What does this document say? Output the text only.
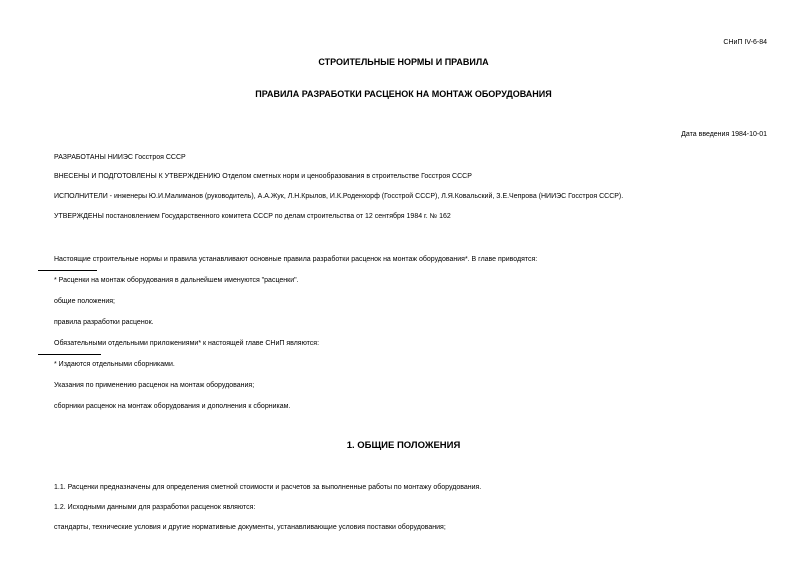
СНиП IV-6-84
СТРОИТЕЛЬНЫЕ НОРМЫ И ПРАВИЛА
ПРАВИЛА РАЗРАБОТКИ РАСЦЕНОК НА МОНТАЖ ОБОРУДОВАНИЯ
Дата введения 1984-10-01
РАЗРАБОТАНЫ НИИЭС Госстроя СССР
ВНЕСЕНЫ И ПОДГОТОВЛЕНЫ К УТВЕРЖДЕНИЮ Отделом сметных норм и ценообразования в строительстве Госстроя СССР
ИСПОЛНИТЕЛИ - инженеры Ю.И.Малиманов (руководитель), А.А.Жук, Л.Н.Крылов, И.К.Роденхорф (Госстрой СССР), Л.Я.Ковальский, З.Е.Чепрова (НИИЭС Госстроя СССР).
УТВЕРЖДЕНЫ постановлением Государственного комитета СССР по делам строительства от 12 сентября 1984 г. № 162
Настоящие строительные нормы и правила устанавливают основные правила разработки расценок на монтаж оборудования*. В главе приводятся:
* Расценки на монтаж оборудования в дальнейшем именуются "расценки".
общие положения;
правила разработки расценок.
Обязательными отдельными приложениями* к настоящей главе СНиП являются:
* Издаются отдельными сборниками.
Указания по применению расценок на монтаж оборудования;
сборники расценок на монтаж оборудования и дополнения к сборникам.
1. ОБЩИЕ ПОЛОЖЕНИЯ
1.1. Расценки предназначены для определения сметной стоимости и расчетов за выполненные работы по монтажу оборудования.
1.2. Исходными данными для разработки расценок являются:
стандарты, технические условия и другие нормативные документы, устанавливающие условия поставки оборудования;
